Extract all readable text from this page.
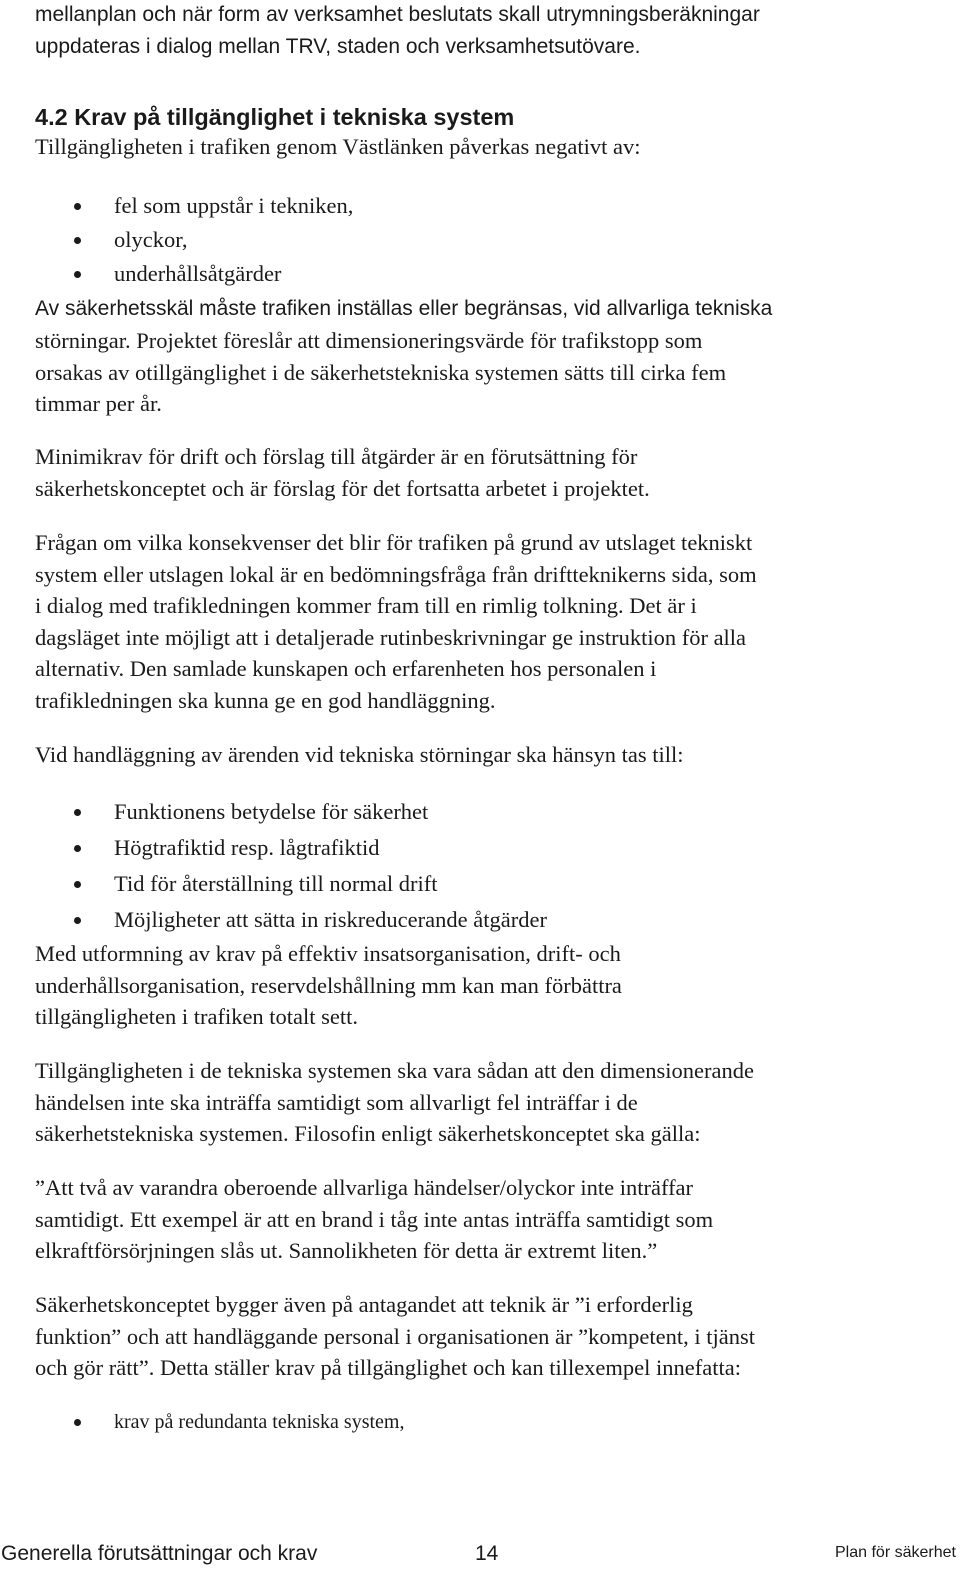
mellanplan och när form av verksamhet beslutats skall utrymningsberäkningar
uppdateras i dialog mellan TRV, staden och verksamhetsutövare.
4.2 Krav på tillgänglighet i tekniska system
Tillgängligheten i trafiken genom Västlänken påverkas negativt av:
fel som uppstår i tekniken,
olyckor,
underhållsåtgärder
Av säkerhetsskäl måste trafiken inställas eller begränsas, vid allvarliga tekniska
störningar. Projektet föreslår att dimensioneringsvärde för trafikstopp som
orsakas av otillgänglighet i de säkerhetstekniska systemen sätts till cirka fem
timmar per år.
Minimikrav för drift och förslag till åtgärder är en förutsättning för
säkerhetskonceptet och är förslag för det fortsatta arbetet i projektet.
Frågan om vilka konsekvenser det blir för trafiken på grund av utslaget tekniskt
system eller utslagen lokal är en bedömningsfråga från driftteknikerns sida, som
i dialog med trafikledningen kommer fram till en rimlig tolkning. Det är i
dagsläget inte möjligt att i detaljerade rutinbeskrivningar ge instruktion för alla
alternativ. Den samlade kunskapen och erfarenheten hos personalen i
trafikledningen ska kunna ge en god handläggning.
Vid handläggning av ärenden vid tekniska störningar ska hänsyn tas till:
Funktionens betydelse för säkerhet
Högtrafiktid resp. lågtrafiktid
Tid för återställning till normal drift
Möjligheter att sätta in riskreducerande åtgärder
Med utformning av krav på effektiv insatsorganisation, drift- och
underhållsorganisation, reservdelshållning mm kan man förbättra
tillgängligheten i trafiken totalt sett.
Tillgängligheten i de tekniska systemen ska vara sådan att den dimensionerande
händelsen inte ska inträffa samtidigt som allvarligt fel inträffar i de
säkerhetstekniska systemen. Filosofin enligt säkerhetskonceptet ska gälla:
”Att två av varandra oberoende allvarliga händelser/olyckor inte inträffar
samtidigt. Ett exempel är att en brand i tåg inte antas inträffa samtidigt som
elkraftförsörjningen slås ut. Sannolikheten för detta är extremt liten.”
Säkerhetskonceptet bygger även på antagandet att teknik är ”i erforderlig
funktion” och att handläggande personal i organisationen är ”kompetent, i tjänst
och gör rätt”. Detta ställer krav på tillgänglighet och kan tillexempel innefatta:
krav på redundanta tekniska system,
Generella förutsättningar och krav	14	Plan för säkerhet
